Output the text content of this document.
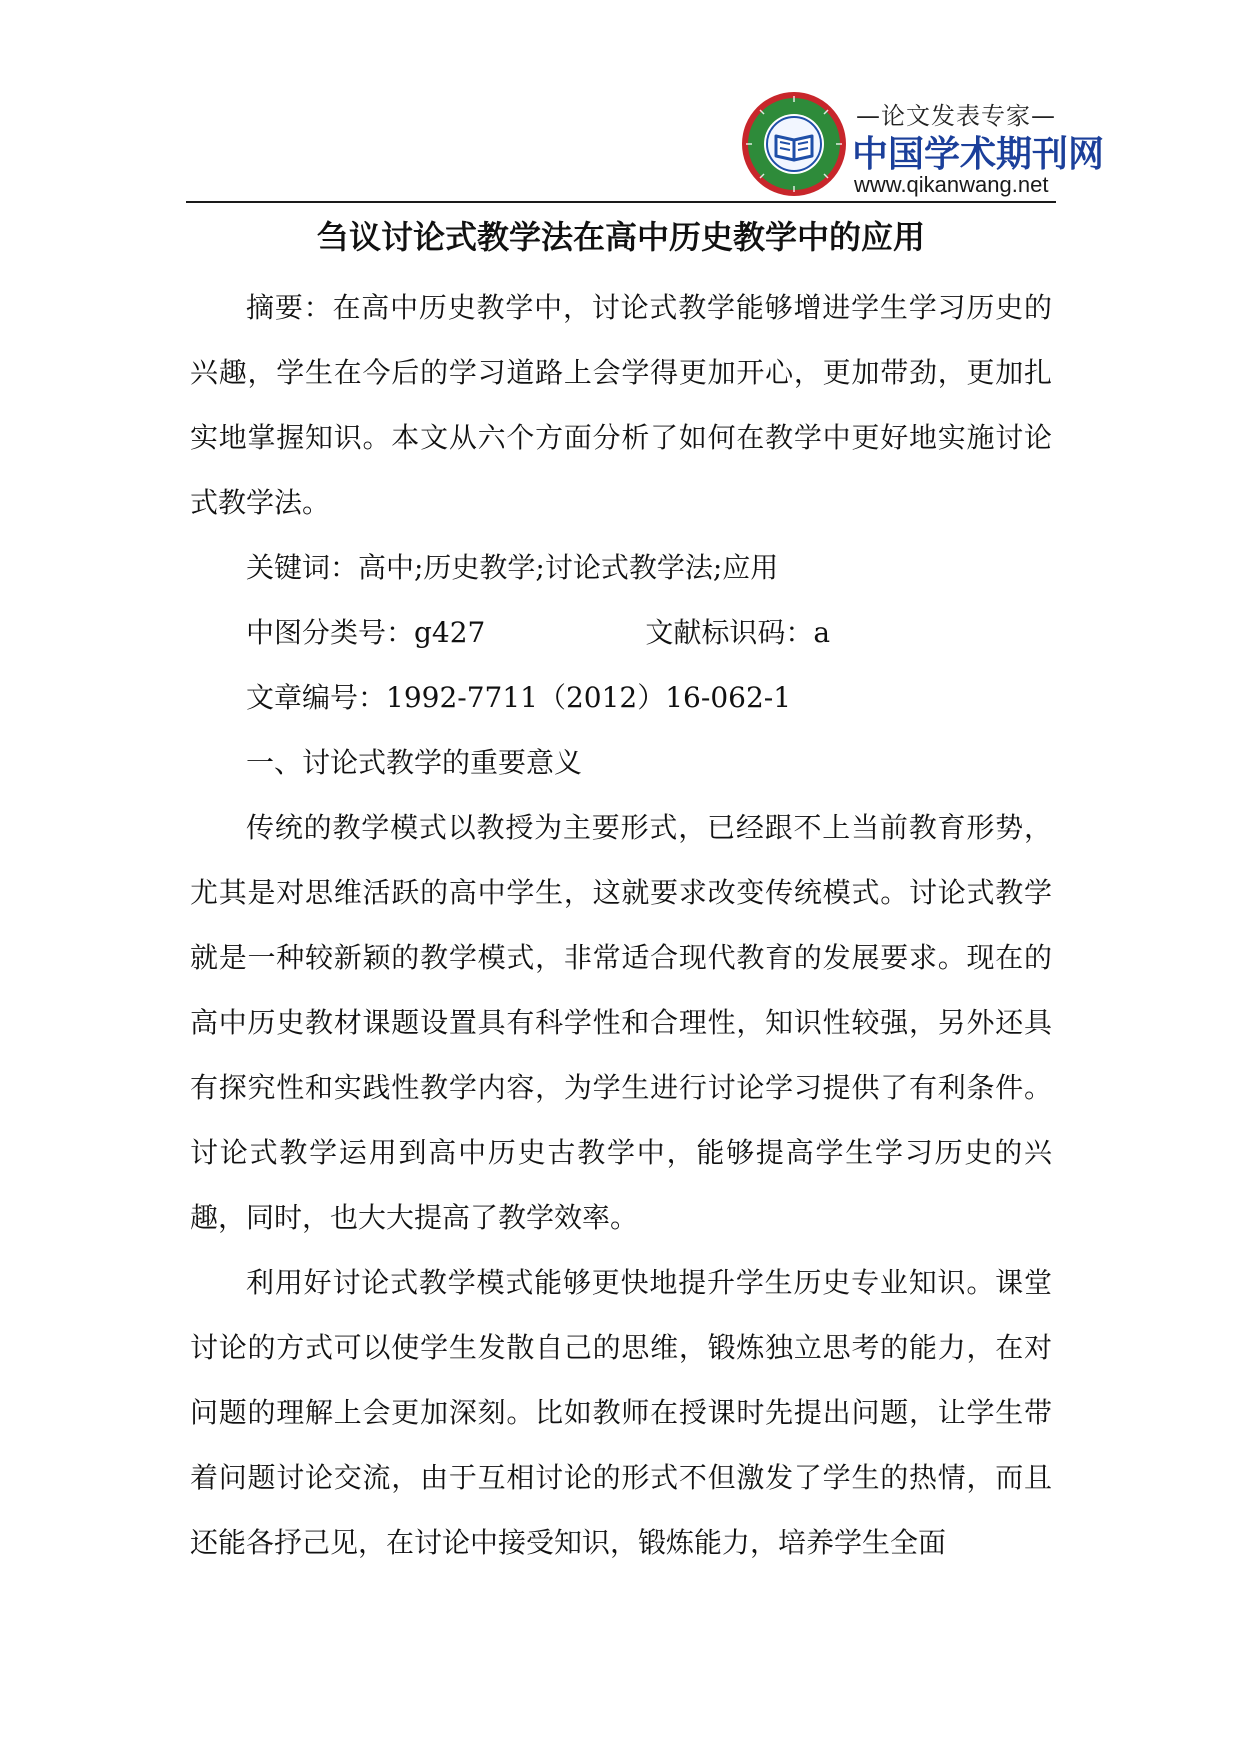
—论文发表专家—
中国学术期刊网
www.qikanwang.net
刍议讨论式教学法在高中历史教学中的应用

摘要：在高中历史教学中，讨论式教学能够增进学生学习历史的兴趣，学生在今后的学习道路上会学得更加开心，更加带劲，更加扎实地掌握知识。本文从六个方面分析了如何在教学中更好地实施讨论式教学法。

关键词：高中;历史教学;讨论式教学法;应用

中图分类号：g427	文献标识码：a

文章编号：1992-7711（2012）16-062-1

一、讨论式教学的重要意义

传统的教学模式以教授为主要形式，已经跟不上当前教育形势，尤其是对思维活跃的高中学生，这就要求改变传统模式。讨论式教学就是一种较新颖的教学模式，非常适合现代教育的发展要求。现在的高中历史教材课题设置具有科学性和合理性，知识性较强，另外还具有探究性和实践性教学内容，为学生进行讨论学习提供了有利条件。讨论式教学运用到高中历史古教学中，能够提高学生学习历史的兴趣，同时，也大大提高了教学效率。

利用好讨论式教学模式能够更快地提升学生历史专业知识。课堂讨论的方式可以使学生发散自己的思维，锻炼独立思考的能力，在对问题的理解上会更加深刻。比如教师在授课时先提出问题，让学生带着问题讨论交流，由于互相讨论的形式不但激发了学生的热情，而且还能各抒己见，在讨论中接受知识，锻炼能力，培养学生全面
